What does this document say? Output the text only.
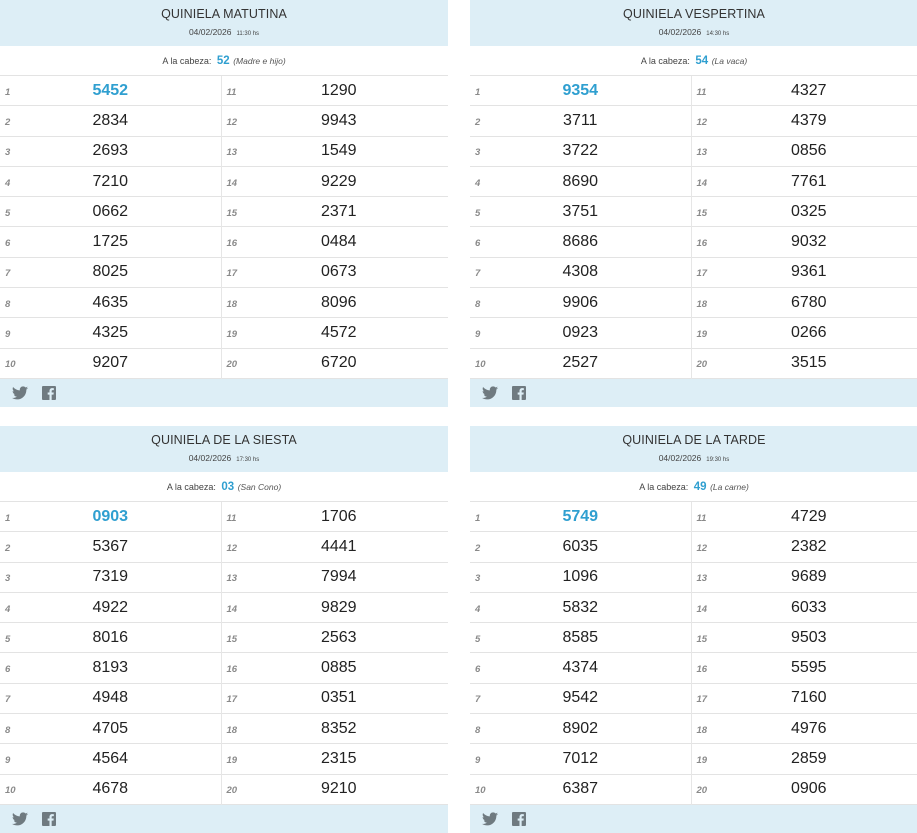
QUINIELA MATUTINA
04/02/2026 11:30 hs
A la cabeza: 52 (Madre e hijo)
1	5452
2	2834
3	2693
4	7210
5	0662
6	1725
7	8025
8	4635
9	4325
10	9207
11	1290
12	9943
13	1549
14	9229
15	2371
16	0484
17	0673
18	8096
19	4572
20	6720
QUINIELA VESPERTINA
04/02/2026 14:30 hs
A la cabeza: 54 (La vaca)
1	9354
2	3711
3	3722
4	8690
5	3751
6	8686
7	4308
8	9906
9	0923
10	2527
11	4327
12	4379
13	0856
14	7761
15	0325
16	9032
17	9361
18	6780
19	0266
20	3515
QUINIELA DE LA SIESTA
04/02/2026 17:30 hs
A la cabeza: 03 (San Cono)
1	0903
2	5367
3	7319
4	4922
5	8016
6	8193
7	4948
8	4705
9	4564
10	4678
11	1706
12	4441
13	7994
14	9829
15	2563
16	0885
17	0351
18	8352
19	2315
20	9210
QUINIELA DE LA TARDE
04/02/2026 19:30 hs
A la cabeza: 49 (La carne)
1	5749
2	6035
3	1096
4	5832
5	8585
6	4374
7	9542
8	8902
9	7012
10	6387
11	4729
12	2382
13	9689
14	6033
15	9503
16	5595
17	7160
18	4976
19	2859
20	0906
